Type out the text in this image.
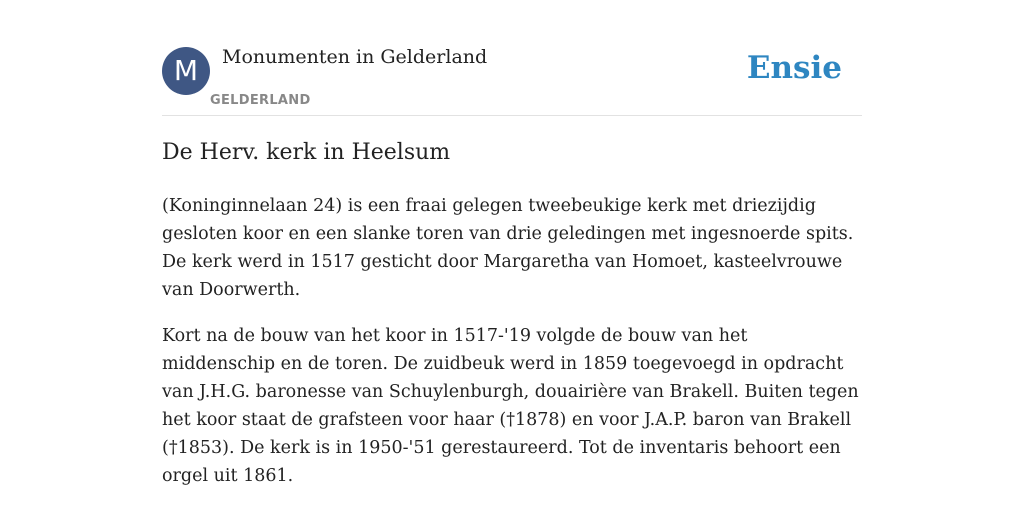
M	Monumenten in Gelderland
GELDERLAND
Ensie
De Herv. kerk in Heelsum

(Koninginnelaan 24) is een fraai gelegen tweebeukige kerk met driezijdig gesloten koor en een slanke toren van drie geledingen met ingesnoerde spits. De kerk werd in 1517 gesticht door Margaretha van Homoet, kasteelvrouwe van Doorwerth.

Kort na de bouw van het koor in 1517-'19 volgde de bouw van het middenschip en de toren. De zuidbeuk werd in 1859 toegevoegd in opdracht van J.H.G. baronesse van Schuylenburgh, douairière van Brakell. Buiten tegen het koor staat de grafsteen voor haar (†1878) en voor J.A.P. baron van Brakell (†1853). De kerk is in 1950-'51 gerestaureerd. Tot de inventaris behoort een orgel uit 1861.
